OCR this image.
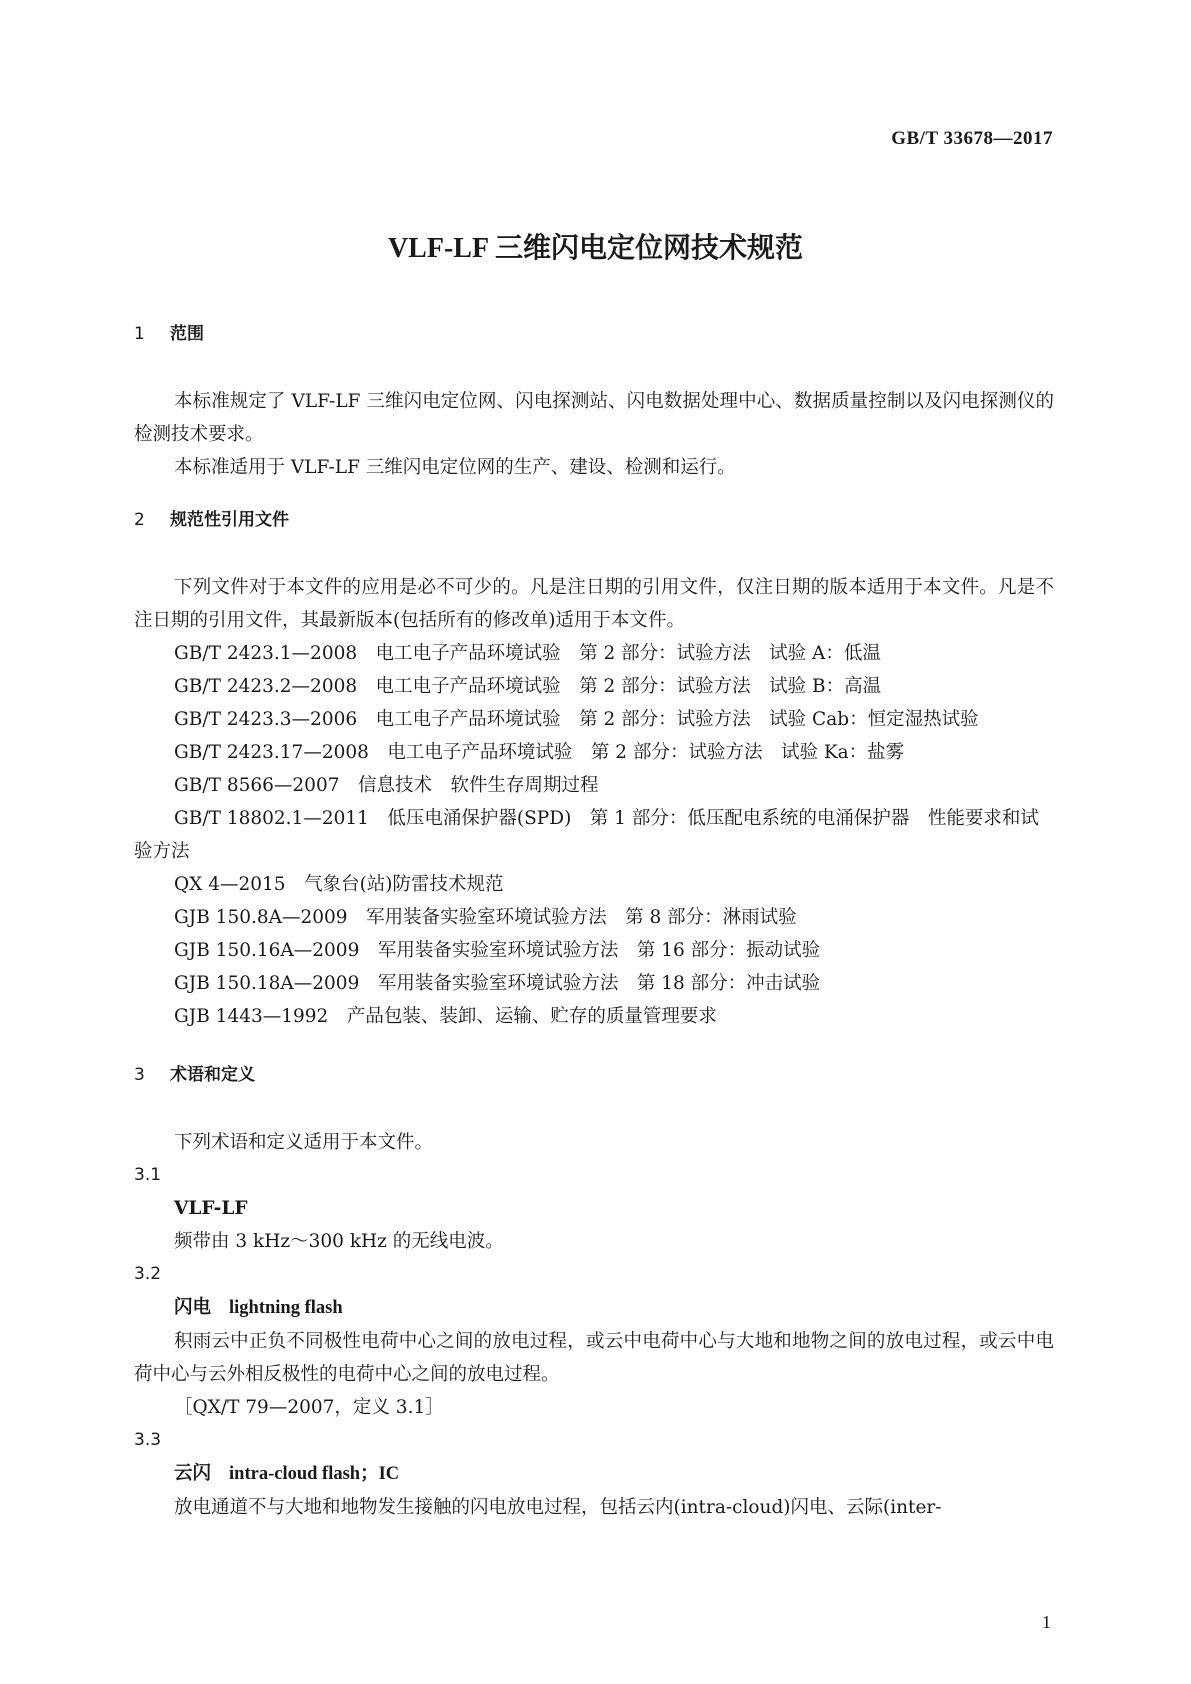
GB/T 33678—2017
VLF-LF 三维闪电定位网技术规范

1 范围

本标准规定了 VLF-LF 三维闪电定位网、闪电探测站、闪电数据处理中心、数据质量控制以及闪电探测仪的检测技术要求。

本标准适用于 VLF-LF 三维闪电定位网的生产、建设、检测和运行。

2 规范性引用文件

下列文件对于本文件的应用是必不可少的。凡是注日期的引用文件，仅注日期的版本适用于本文件。凡是不注日期的引用文件，其最新版本(包括所有的修改单)适用于本文件。

GB/T 2423.1—2008　电工电子产品环境试验　第 2 部分：试验方法　试验 A：低温

GB/T 2423.2—2008　电工电子产品环境试验　第 2 部分：试验方法　试验 B：高温

GB/T 2423.3—2006　电工电子产品环境试验　第 2 部分：试验方法　试验 Cab：恒定湿热试验

GB/T 2423.17—2008　电工电子产品环境试验　第 2 部分：试验方法　试验 Ka：盐雾

GB/T 8566—2007　信息技术　软件生存周期过程

GB/T 18802.1—2011　低压电涌保护器(SPD)　第 1 部分：低压配电系统的电涌保护器　性能要求和试验方法

QX 4—2015　气象台(站)防雷技术规范

GJB 150.8A—2009　军用装备实验室环境试验方法　第 8 部分：淋雨试验

GJB 150.16A—2009　军用装备实验室环境试验方法　第 16 部分：振动试验

GJB 150.18A—2009　军用装备实验室环境试验方法　第 18 部分：冲击试验

GJB 1443—1992　产品包装、装卸、运输、贮存的质量管理要求

3 术语和定义

下列术语和定义适用于本文件。

3.1

VLF-LF

频带由 3 kHz～300 kHz 的无线电波。

3.2

闪电 lightning flash

积雨云中正负不同极性电荷中心之间的放电过程，或云中电荷中心与大地和地物之间的放电过程，或云中电荷中心与云外相反极性的电荷中心之间的放电过程。

［QX/T 79—2007，定义 3.1］

3.3

云闪 intra-cloud flash；IC

放电通道不与大地和地物发生接触的闪电放电过程，包括云内(intra-cloud)闪电、云际(inter-

1
